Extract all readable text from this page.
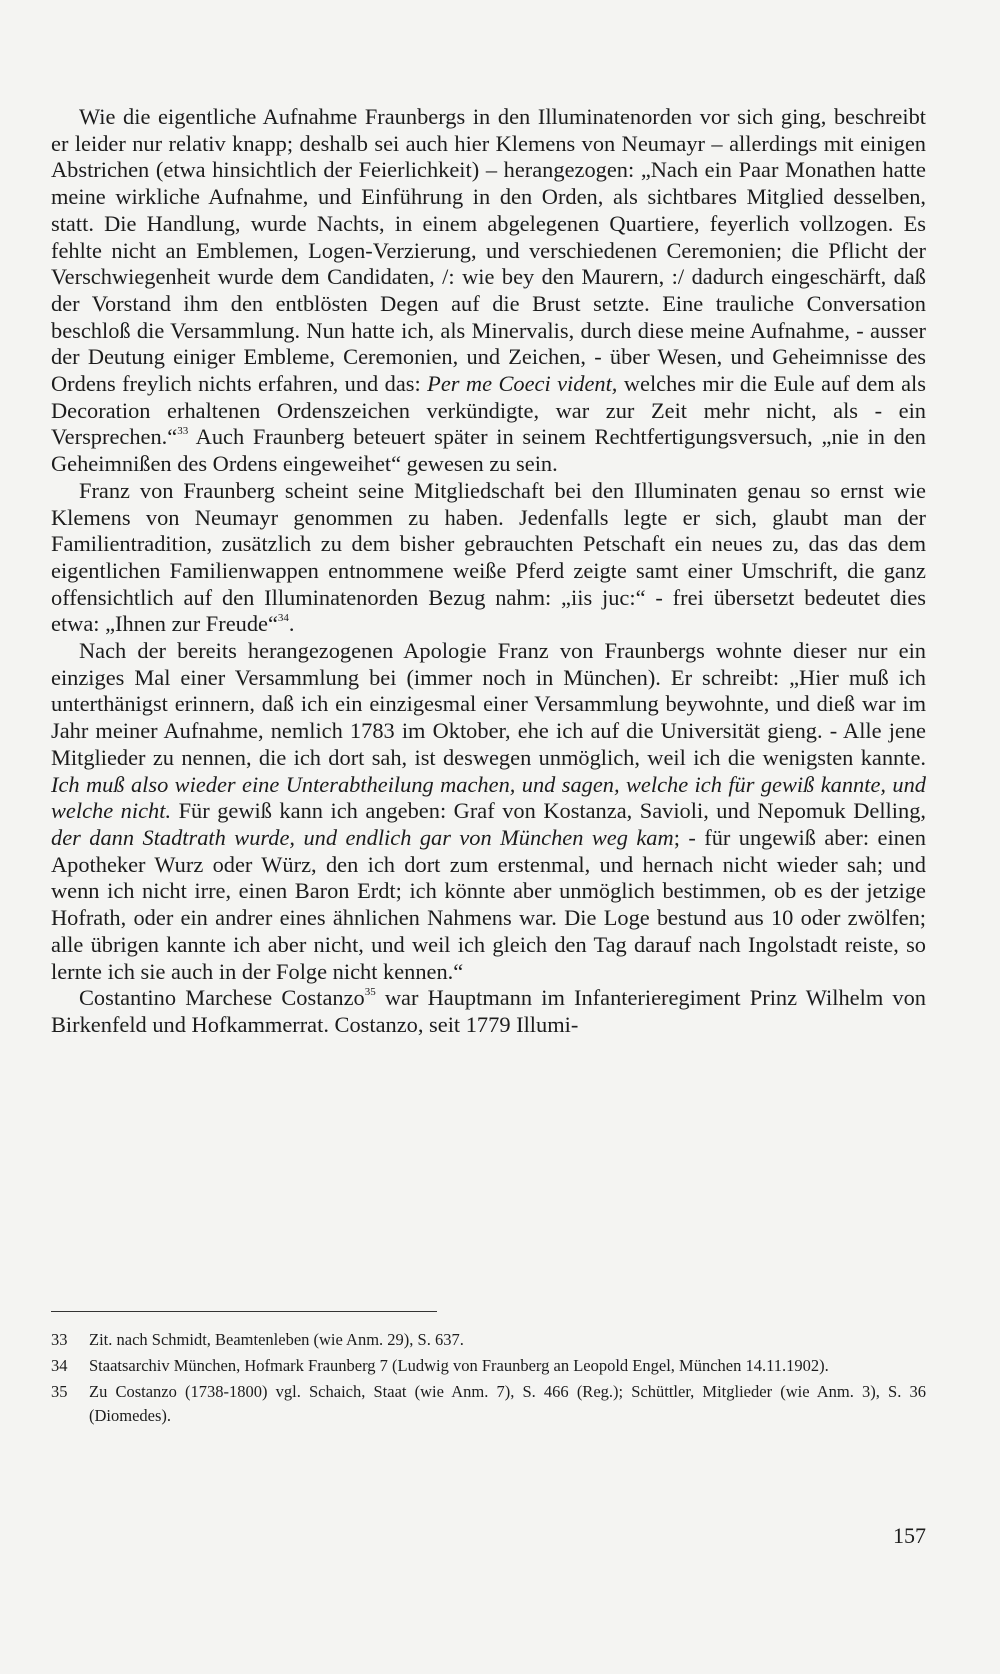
Wie die eigentliche Aufnahme Fraunbergs in den Illuminatenorden vor sich ging, beschreibt er leider nur relativ knapp; deshalb sei auch hier Klemens von Neumayr – allerdings mit einigen Abstrichen (etwa hinsichtlich der Feierlichkeit) – herangezogen: „Nach ein Paar Monathen hatte meine wirkliche Aufnahme, und Einführung in den Orden, als sichtbares Mitglied desselben, statt. Die Handlung, wurde Nachts, in einem abgelegenen Quartiere, feyerlich vollzogen. Es fehlte nicht an Emblemen, Logen-Verzierung, und verschiedenen Ceremonien; die Pflicht der Verschwiegenheit wurde dem Candidaten, /: wie bey den Maurern, :/ dadurch eingeschärft, daß der Vorstand ihm den entblösten Degen auf die Brust setzte. Eine trauliche Conversation beschloß die Versammlung. Nun hatte ich, als Minervalis, durch diese meine Aufnahme, - ausser der Deutung einiger Embleme, Ceremonien, und Zeichen, - über Wesen, und Geheimnisse des Ordens freylich nichts erfahren, und das: Per me Coeci vident, welches mir die Eule auf dem als Decoration erhaltenen Ordenszeichen verkündigte, war zur Zeit mehr nicht, als - ein Versprechen.“$^{33}$ Auch Fraunberg beteuert später in seinem Rechtfertigungsversuch, „nie in den Geheimnißen des Ordens eingeweihet“ gewesen zu sein.

Franz von Fraunberg scheint seine Mitgliedschaft bei den Illuminaten genau so ernst wie Klemens von Neumayr genommen zu haben. Jedenfalls legte er sich, glaubt man der Familientradition, zusätzlich zu dem bisher gebrauchten Petschaft ein neues zu, das das dem eigentlichen Familienwappen entnommene weiße Pferd zeigte samt einer Umschrift, die ganz offensichtlich auf den Illuminatenorden Bezug nahm: „iis juc:“ - frei übersetzt bedeutet dies etwa: „Ihnen zur Freude“$^{34}$.

Nach der bereits herangezogenen Apologie Franz von Fraunbergs wohnte dieser nur ein einziges Mal einer Versammlung bei (immer noch in München). Er schreibt: „Hier muß ich unterthänigst erinnern, daß ich ein einzigesmal einer Versammlung beywohnte, und dieß war im Jahr meiner Aufnahme, nemlich 1783 im Oktober, ehe ich auf die Universität gieng. - Alle jene Mitglieder zu nennen, die ich dort sah, ist deswegen unmöglich, weil ich die wenigsten kannte. Ich muß also wieder eine Unterabtheilung machen, und sagen, welche ich für gewiß kannte, und welche nicht. Für gewiß kann ich angeben: Graf von Kostanza, Savioli, und Nepomuk Delling, der dann Stadtrath wurde, und endlich gar von München weg kam; - für ungewiß aber: einen Apotheker Wurz oder Würz, den ich dort zum erstenmal, und hernach nicht wieder sah; und wenn ich nicht irre, einen Baron Erdt; ich könnte aber unmöglich bestimmen, ob es der jetzige Hofrath, oder ein andrer eines ähnlichen Nahmens war. Die Loge bestund aus 10 oder zwölfen; alle übrigen kannte ich aber nicht, und weil ich gleich den Tag darauf nach Ingolstadt reiste, so lernte ich sie auch in der Folge nicht kennen.“

Costantino Marchese Costanzo$^{35}$ war Hauptmann im Infanterieregiment Prinz Wilhelm von Birkenfeld und Hofkammerrat. Costanzo, seit 1779 Illumi-

33	Zit. nach Schmidt, Beamtenleben (wie Anm. 29), S. 637.
34	Staatsarchiv München, Hofmark Fraunberg 7 (Ludwig von Fraunberg an Leopold Engel, München 14.11.1902).
35	Zu Costanzo (1738-1800) vgl. Schaich, Staat (wie Anm. 7), S. 466 (Reg.); Schüttler, Mitglieder (wie Anm. 3), S. 36 (Diomedes).
157
